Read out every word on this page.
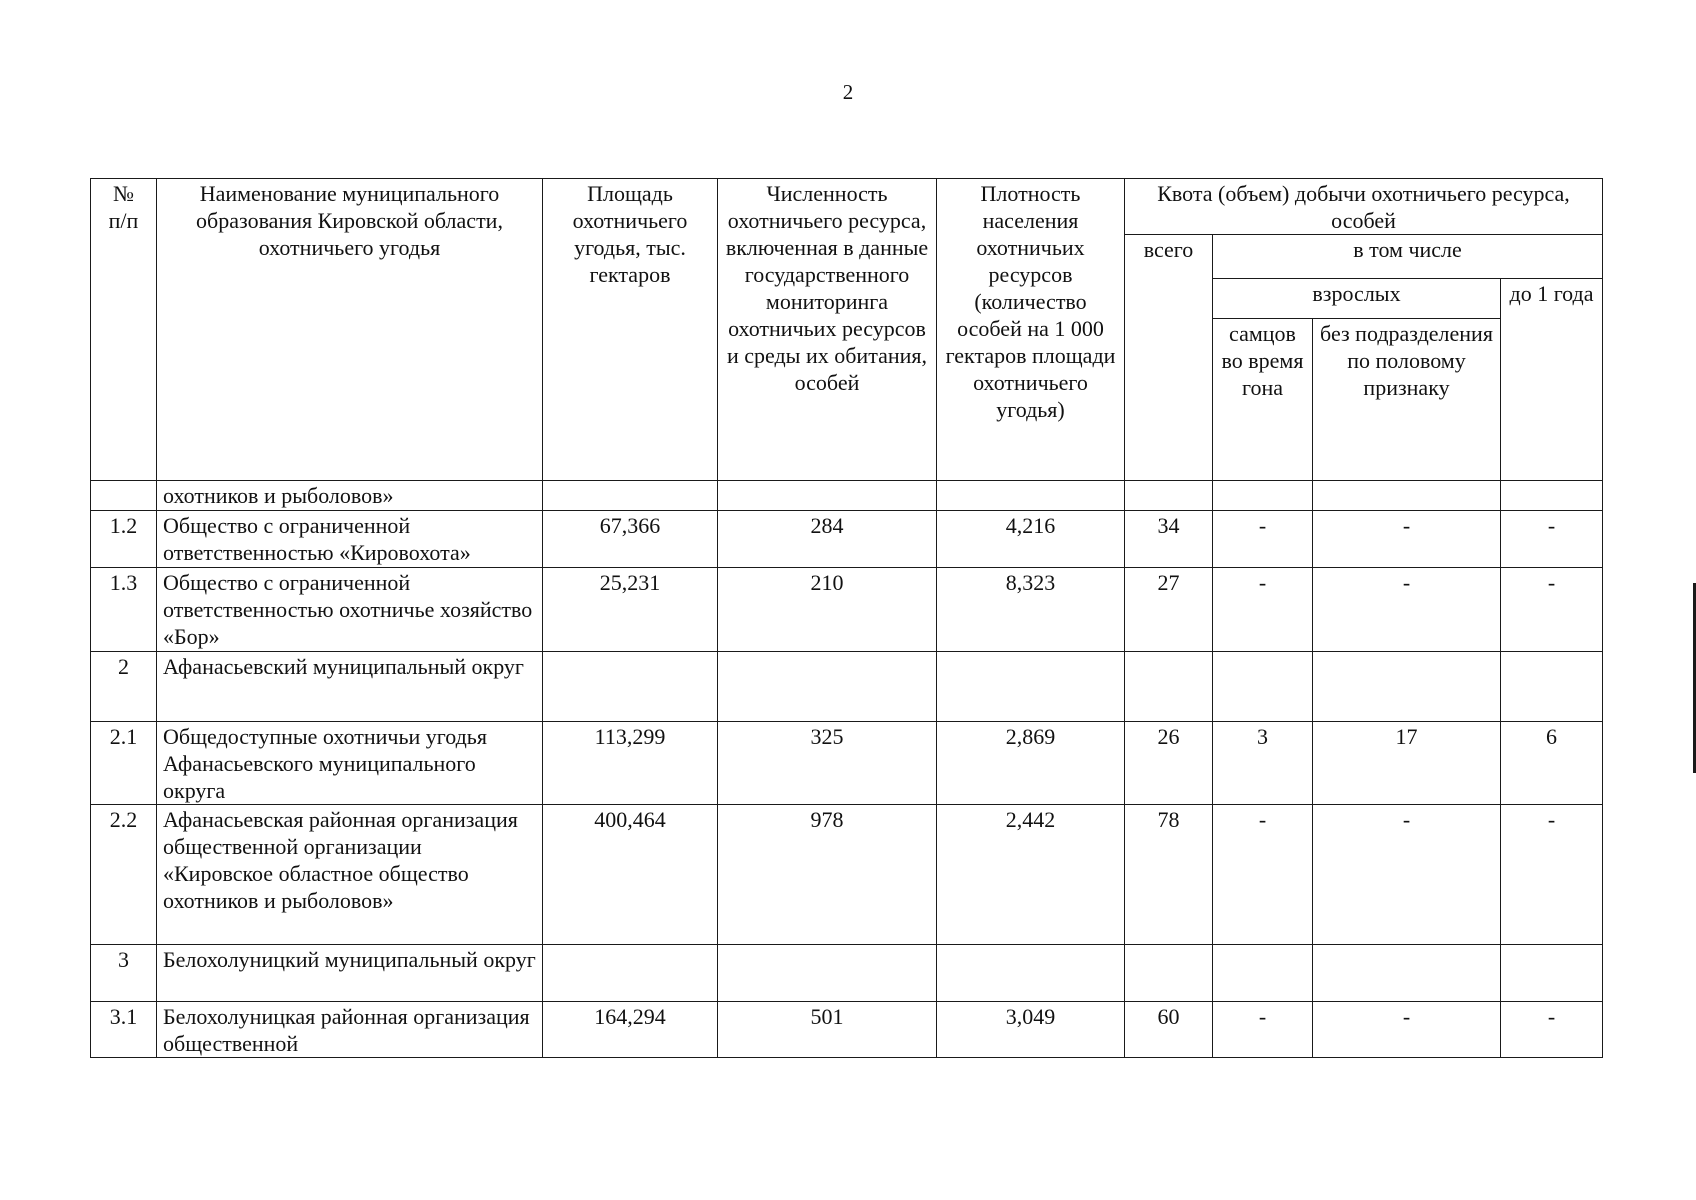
2
№
п/п	Наименование муниципального образования Кировской области, охотничьего угодья	Площадь охотничьего угодья, тыс. гектаров	Численность охотничьего ресурса, включенная в данные государственного мониторинга охотничьих ресурсов и среды их обитания, особей	Плотность населения охотничьих ресурсов (количество особей на 1 000 гектаров площади охотничьего угодья)	Квота (объем) добычи охотничьего ресурса, особей			
					всего	в том числе		
						взрослых		до 1 года
						самцов во время гона	без подразделения по половому признаку	
	охотников и рыболовов»							
1.2	Общество с ограниченной ответственностью «Кировохота»	67,366	284	4,216	34	-	-	-
1.3	Общество с ограниченной ответственностью охотничье хозяйство «Бор»	25,231	210	8,323	27	-	-	-
2	Афанасьевский муниципальный округ							
2.1	Общедоступные охотничьи угодья Афанасьевского муниципального округа	113,299	325	2,869	26	3	17	6
2.2	Афанасьевская районная организация общественной организации «Кировское областное общество охотников и рыболовов»	400,464	978	2,442	78	-	-	-
3	Белохолуницкий муниципальный округ							
3.1	Белохолуницкая районная организация общественной	164,294	501	3,049	60	-	-	-
